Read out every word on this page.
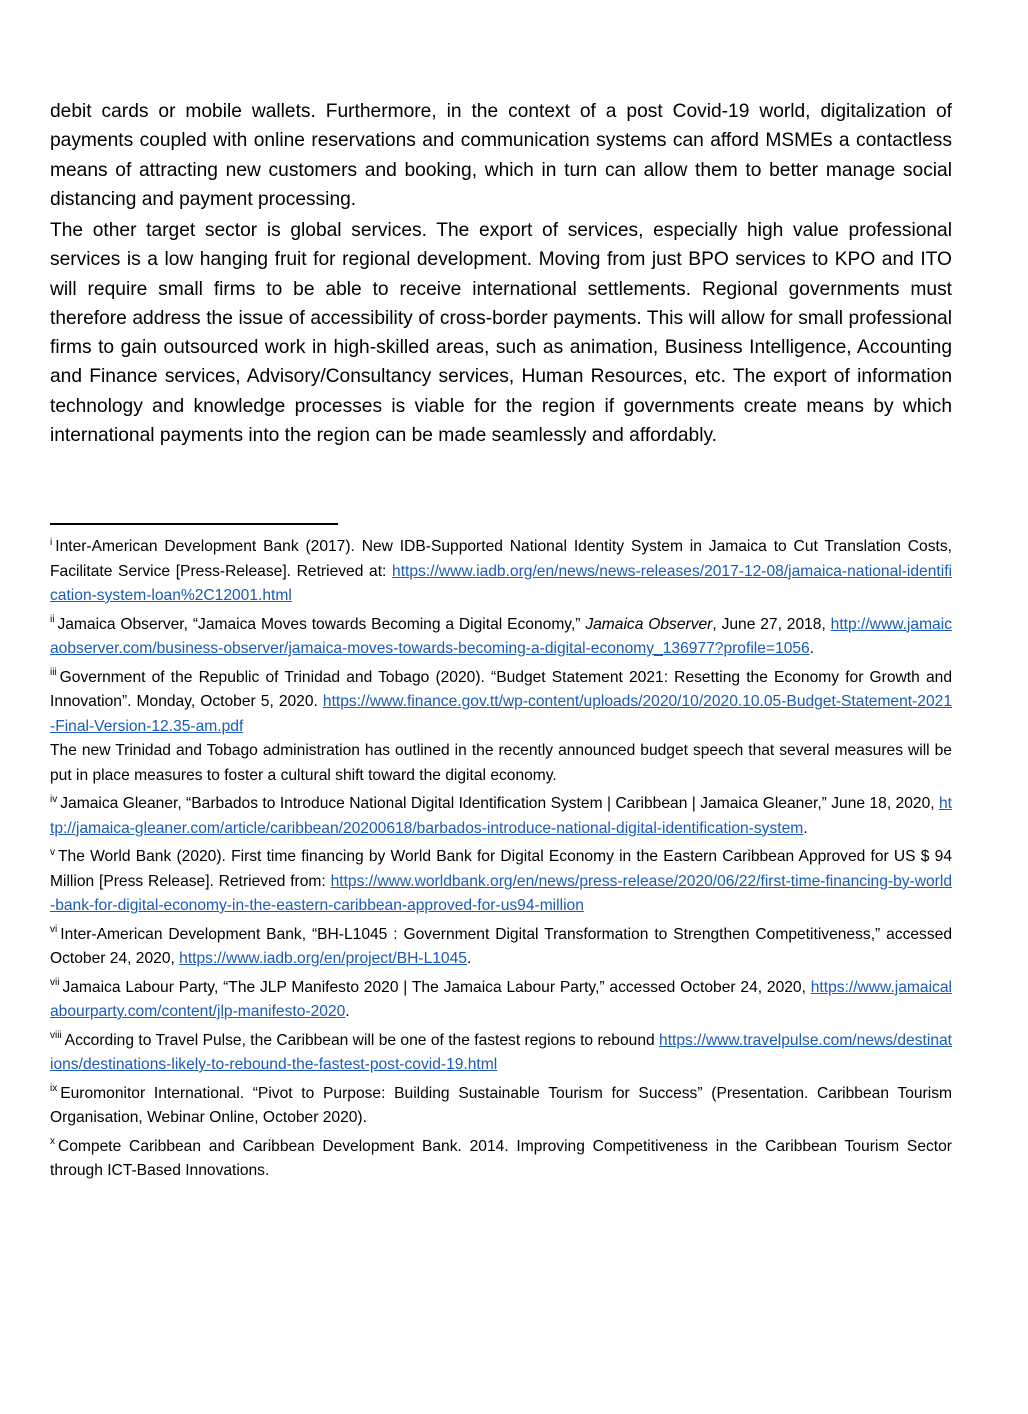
debit cards or mobile wallets. Furthermore, in the context of a post Covid-19 world, digitalization of payments coupled with online reservations and communication systems can afford MSMEs a contactless means of attracting new customers and booking, which in turn can allow them to better manage social distancing and payment processing.

The other target sector is global services. The export of services, especially high value professional services is a low hanging fruit for regional development. Moving from just BPO services to KPO and ITO will require small firms to be able to receive international settlements. Regional governments must therefore address the issue of accessibility of cross-border payments. This will allow for small professional firms to gain outsourced work in high-skilled areas, such as animation, Business Intelligence, Accounting and Finance services, Advisory/Consultancy services, Human Resources, etc. The export of information technology and knowledge processes is viable for the region if governments create means by which international payments into the region can be made seamlessly and affordably.

$^i$ Inter-American Development Bank (2017). New IDB-Supported National Identity System in Jamaica to Cut Translation Costs, Facilitate Service [Press-Release]. Retrieved at: https://www.iadb.org/en/news/news-releases/2017-12-08/jamaica-national-identification-system-loan%2C12001.html

$^{ii}$ Jamaica Observer, “Jamaica Moves towards Becoming a Digital Economy,” Jamaica Observer, June 27, 2018, http://www.jamaicaobserver.com/business-observer/jamaica-moves-towards-becoming-a-digital-economy_136977?profile=1056.

$^{iii}$ Government of the Republic of Trinidad and Tobago (2020). “Budget Statement 2021: Resetting the Economy for Growth and Innovation”. Monday, October 5, 2020. https://www.finance.gov.tt/wp-content/uploads/2020/10/2020.10.05-Budget-Statement-2021-Final-Version-12.35-am.pdf
The new Trinidad and Tobago administration has outlined in the recently announced budget speech that several measures will be put in place measures to foster a cultural shift toward the digital economy.

$^{iv}$ Jamaica Gleaner, “Barbados to Introduce National Digital Identification System | Caribbean | Jamaica Gleaner,” June 18, 2020, http://jamaica-gleaner.com/article/caribbean/20200618/barbados-introduce-national-digital-identification-system.

$^v$ The World Bank (2020). First time financing by World Bank for Digital Economy in the Eastern Caribbean Approved for US $ 94 Million [Press Release]. Retrieved from: https://www.worldbank.org/en/news/press-release/2020/06/22/first-time-financing-by-world-bank-for-digital-economy-in-the-eastern-caribbean-approved-for-us94-million

$^{vi}$ Inter-American Development Bank, “BH-L1045 : Government Digital Transformation to Strengthen Competitiveness,” accessed October 24, 2020, https://www.iadb.org/en/project/BH-L1045.

$^{vii}$ Jamaica Labour Party, “The JLP Manifesto 2020 | The Jamaica Labour Party,” accessed October 24, 2020, https://www.jamaicalabourparty.com/content/jlp-manifesto-2020.

$^{viii}$ According to Travel Pulse, the Caribbean will be one of the fastest regions to rebound https://www.travelpulse.com/news/destinations/destinations-likely-to-rebound-the-fastest-post-covid-19.html

$^{ix}$ Euromonitor International. “Pivot to Purpose: Building Sustainable Tourism for Success” (Presentation. Caribbean Tourism Organisation, Webinar Online, October 2020).

$^x$ Compete Caribbean and Caribbean Development Bank. 2014. Improving Competitiveness in the Caribbean Tourism Sector through ICT-Based Innovations.
